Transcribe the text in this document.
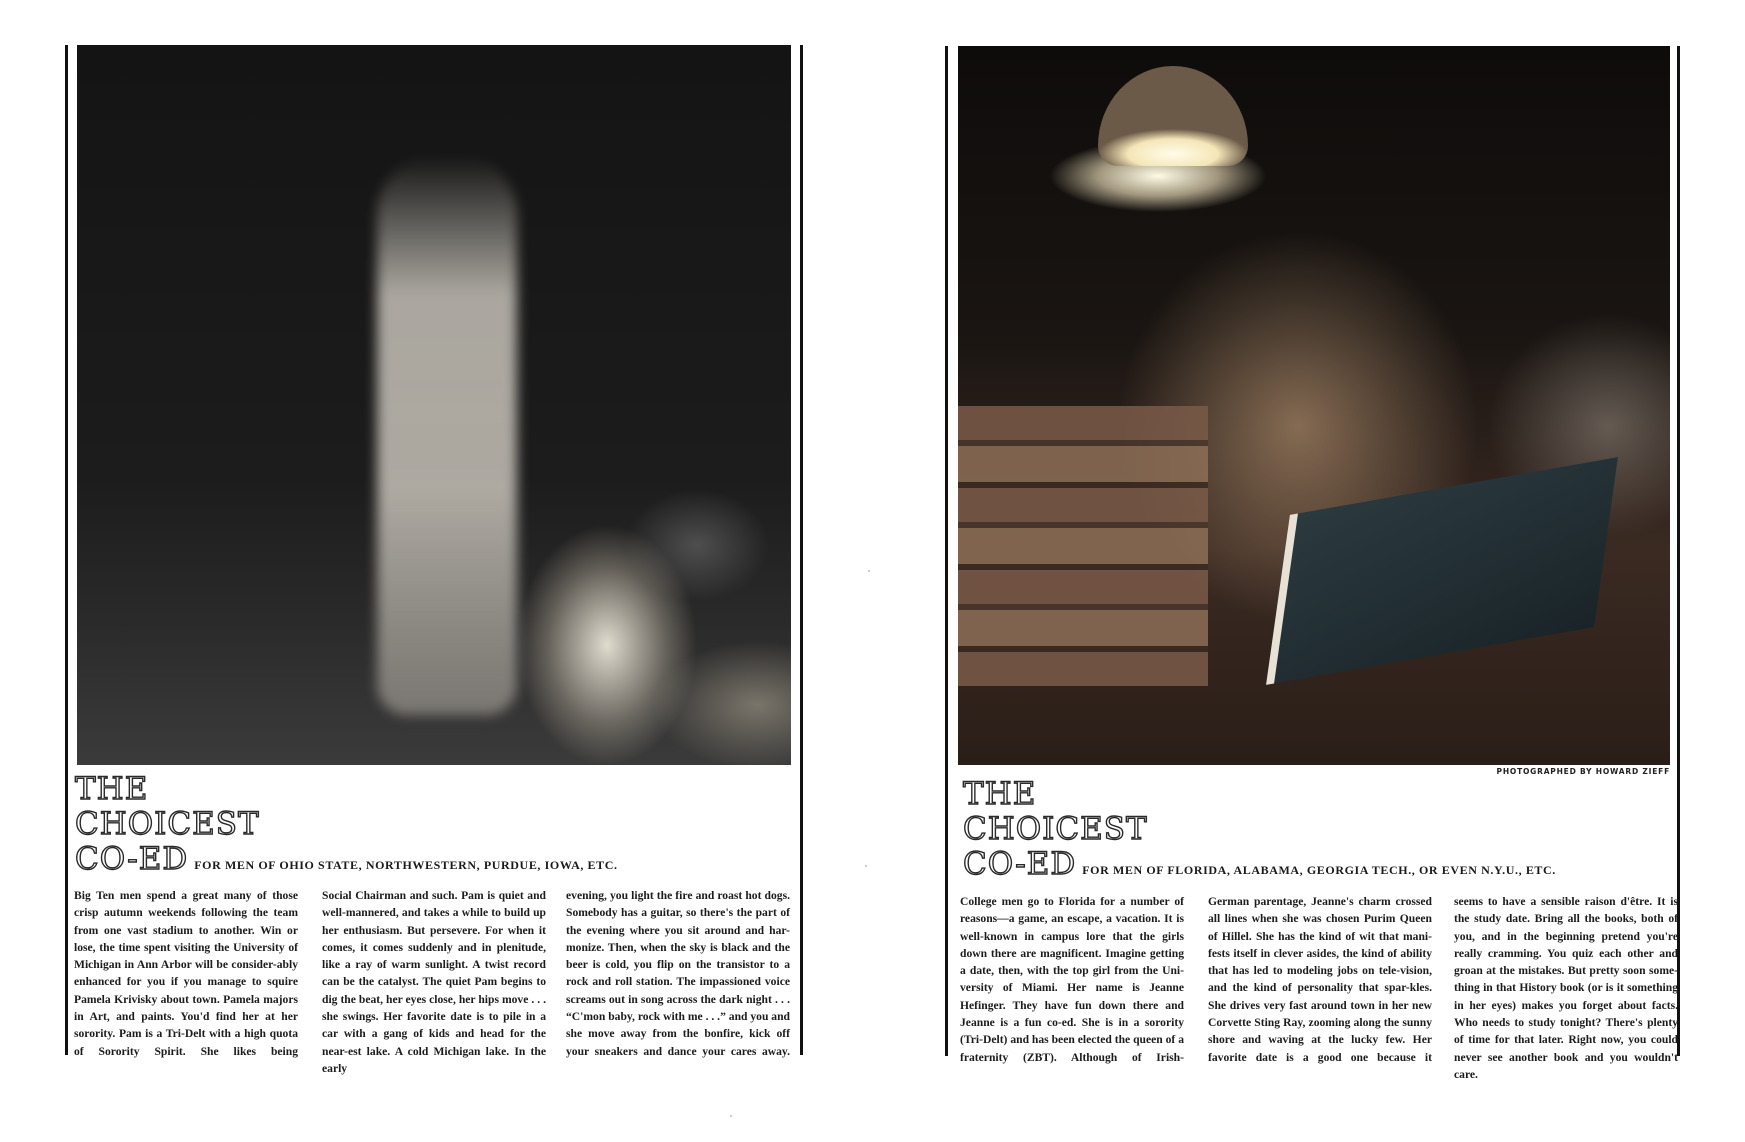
THE
CHOICEST
CO-ED FOR MEN OF OHIO STATE, NORTHWESTERN, PURDUE, IOWA, ETC.

Big Ten men spend a great many of those crisp autumn weekends following the team from one vast stadium to another. Win or lose, the time spent visiting the University of Michigan in Ann Arbor will be consider-ably enhanced for you if you manage to squire Pamela Krivisky about town. Pamela majors in Art, and paints. You'd find her at her sorority. Pam is a Tri-Delt with a high quota of Sorority Spirit. She likes being

Social Chairman and such. Pam is quiet and well-mannered, and takes a while to build up her enthusiasm. But persevere. For when it comes, it comes suddenly and in plenitude, like a ray of warm sunlight. A twist record can be the catalyst. The quiet Pam begins to dig the beat, her eyes close, her hips move . . . she swings. Her favorite date is to pile in a car with a gang of kids and head for the near-est lake. A cold Michigan lake. In the early

evening, you light the fire and roast hot dogs. Somebody has a guitar, so there's the part of the evening where you sit around and har-monize. Then, when the sky is black and the beer is cold, you flip on the transistor to a rock and roll station. The impassioned voice screams out in song across the dark night . . . “C'mon baby, rock with me . . .” and you and she move away from the bonfire, kick off your sneakers and dance your cares away.

PHOTOGRAPHED BY HOWARD ZIEFF
THE
CHOICEST
CO-ED FOR MEN OF FLORIDA, ALABAMA, GEORGIA TECH., OR EVEN N.Y.U., ETC.

College men go to Florida for a number of reasons—a game, an escape, a vacation. It is well-known in campus lore that the girls down there are magnificent. Imagine getting a date, then, with the top girl from the Uni-versity of Miami. Her name is Jeanne Hefinger. They have fun down there and Jeanne is a fun co-ed. She is in a sorority (Tri-Delt) and has been elected the queen of a fraternity (ZBT). Although of Irish-

German parentage, Jeanne's charm crossed all lines when she was chosen Purim Queen of Hillel. She has the kind of wit that mani-fests itself in clever asides, the kind of ability that has led to modeling jobs on tele-vision, and the kind of personality that spar-kles. She drives very fast around town in her new Corvette Sting Ray, zooming along the sunny shore and waving at the lucky few. Her favorite date is a good one because it

seems to have a sensible raison d'être. It is the study date. Bring all the books, both of you, and in the beginning pretend you're really cramming. You quiz each other and groan at the mistakes. But pretty soon some-thing in that History book (or is it something in her eyes) makes you forget about facts. Who needs to study tonight? There's plenty of time for that later. Right now, you could never see another book and you wouldn't care.
